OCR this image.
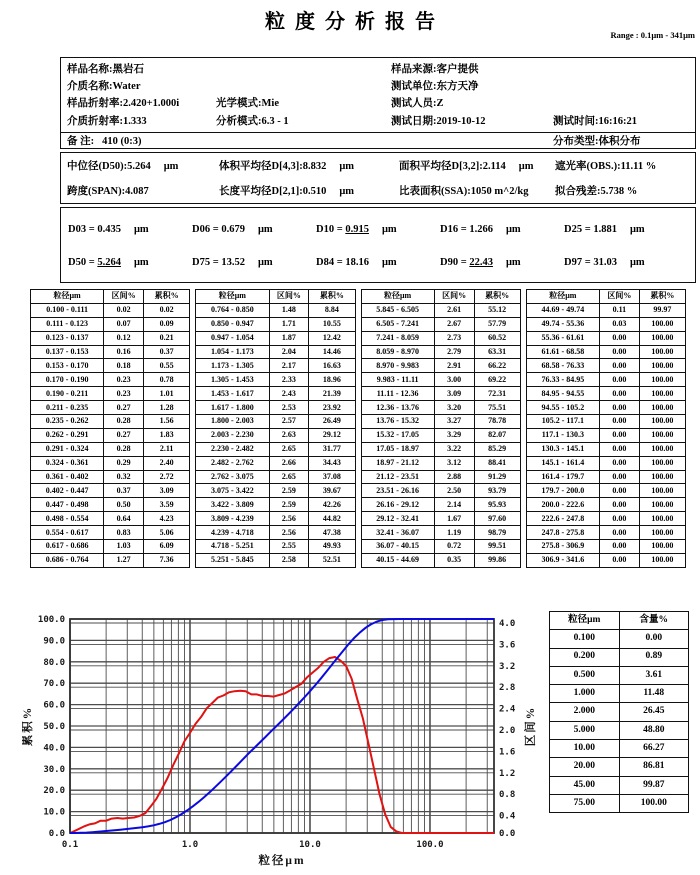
粒度分析报告
Range : 0.1μm - 341μm
样品名称:黑岩石	样品来源:客户提供
介质名称:Water	测试单位:东方天净
样品折射率:2.420+1.000i	光学模式:Mie	测试人员:Z
介质折射率:1.333	分析模式:6.3 - 1	测试日期:2019-10-12	测试时间:16:16:21
备 注: 410 (0:3)	分布类型:体积分布
中位径(D50):5.264 μm	体积平均径D[4,3]:8.832 μm	面积平均径D[3,2]:2.114 μm 遮光率(OBS.):11.11 %
跨度(SPAN):4.087	长度平均径D[2,1]:0.510 μm	比表面积(SSA):1050 m^2/kg	拟合残差:5.738 %
D03 = 0.435 μm	D06 = 0.679 μm	D10 = 0.915 μm	D16 = 1.266 μm	D25 = 1.881 μm
D50 = 5.264 μm	D75 = 13.52 μm	D84 = 18.16 μm	D90 = 22.43 μm	D97 = 31.03 μm
粒径μm	区间%	累积%
0.100 - 0.111	0.02	0.02
0.111 - 0.123	0.07	0.09
0.123 - 0.137	0.12	0.21
0.137 - 0.153	0.16	0.37
0.153 - 0.170	0.18	0.55
0.170 - 0.190	0.23	0.78
0.190 - 0.211	0.23	1.01
0.211 - 0.235	0.27	1.28
0.235 - 0.262	0.28	1.56
0.262 - 0.291	0.27	1.83
0.291 - 0.324	0.28	2.11
0.324 - 0.361	0.29	2.40
0.361 - 0.402	0.32	2.72
0.402 - 0.447	0.37	3.09
0.447 - 0.498	0.50	3.59
0.498 - 0.554	0.64	4.23
0.554 - 0.617	0.83	5.06
0.617 - 0.686	1.03	6.09
0.686 - 0.764	1.27	7.36
粒径μm	区间%	累积%
0.764 - 0.850	1.48	8.84
0.850 - 0.947	1.71	10.55
0.947 - 1.054	1.87	12.42
1.054 - 1.173	2.04	14.46
1.173 - 1.305	2.17	16.63
1.305 - 1.453	2.33	18.96
1.453 - 1.617	2.43	21.39
1.617 - 1.800	2.53	23.92
1.800 - 2.003	2.57	26.49
2.003 - 2.230	2.63	29.12
2.230 - 2.482	2.65	31.77
2.482 - 2.762	2.66	34.43
2.762 - 3.075	2.65	37.08
3.075 - 3.422	2.59	39.67
3.422 - 3.809	2.59	42.26
3.809 - 4.239	2.56	44.82
4.239 - 4.718	2.56	47.38
4.718 - 5.251	2.55	49.93
5.251 - 5.845	2.58	52.51
粒径μm	区间%	累积%
5.845 - 6.505	2.61	55.12
6.505 - 7.241	2.67	57.79
7.241 - 8.059	2.73	60.52
8.059 - 8.970	2.79	63.31
8.970 - 9.983	2.91	66.22
9.983 - 11.11	3.00	69.22
11.11 - 12.36	3.09	72.31
12.36 - 13.76	3.20	75.51
13.76 - 15.32	3.27	78.78
15.32 - 17.05	3.29	82.07
17.05 - 18.97	3.22	85.29
18.97 - 21.12	3.12	88.41
21.12 - 23.51	2.88	91.29
23.51 - 26.16	2.50	93.79
26.16 - 29.12	2.14	95.93
29.12 - 32.41	1.67	97.60
32.41 - 36.07	1.19	98.79
36.07 - 40.15	0.72	99.51
40.15 - 44.69	0.35	99.86
粒径μm	区间%	累积%
44.69 - 49.74	0.11	99.97
49.74 - 55.36	0.03	100.00
55.36 - 61.61	0.00	100.00
61.61 - 68.58	0.00	100.00
68.58 - 76.33	0.00	100.00
76.33 - 84.95	0.00	100.00
84.95 - 94.55	0.00	100.00
94.55 - 105.2	0.00	100.00
105.2 - 117.1	0.00	100.00
117.1 - 130.3	0.00	100.00
130.3 - 145.1	0.00	100.00
145.1 - 161.4	0.00	100.00
161.4 - 179.7	0.00	100.00
179.7 - 200.0	0.00	100.00
200.0 - 222.6	0.00	100.00
222.6 - 247.8	0.00	100.00
247.8 - 275.8	0.00	100.00
275.8 - 306.9	0.00	100.00
306.9 - 341.6	0.00	100.00
100.0
90.0
80.0
70.0
60.0
50.0
40.0
30.0
20.0
10.0
0.0
4.0
3.6
3.2
2.8
2.4
2.0
1.6
1.2
0.8
0.4
0.0
0.1	1.0	10.0	100.0
粒径μm
累积%	区间%
粒径μm	含量%
0.100	0.00
0.200	0.89
0.500	3.61
1.000	11.48
2.000	26.45
5.000	48.80
10.00	66.27
20.00	86.81
45.00	99.87
75.00	100.00
